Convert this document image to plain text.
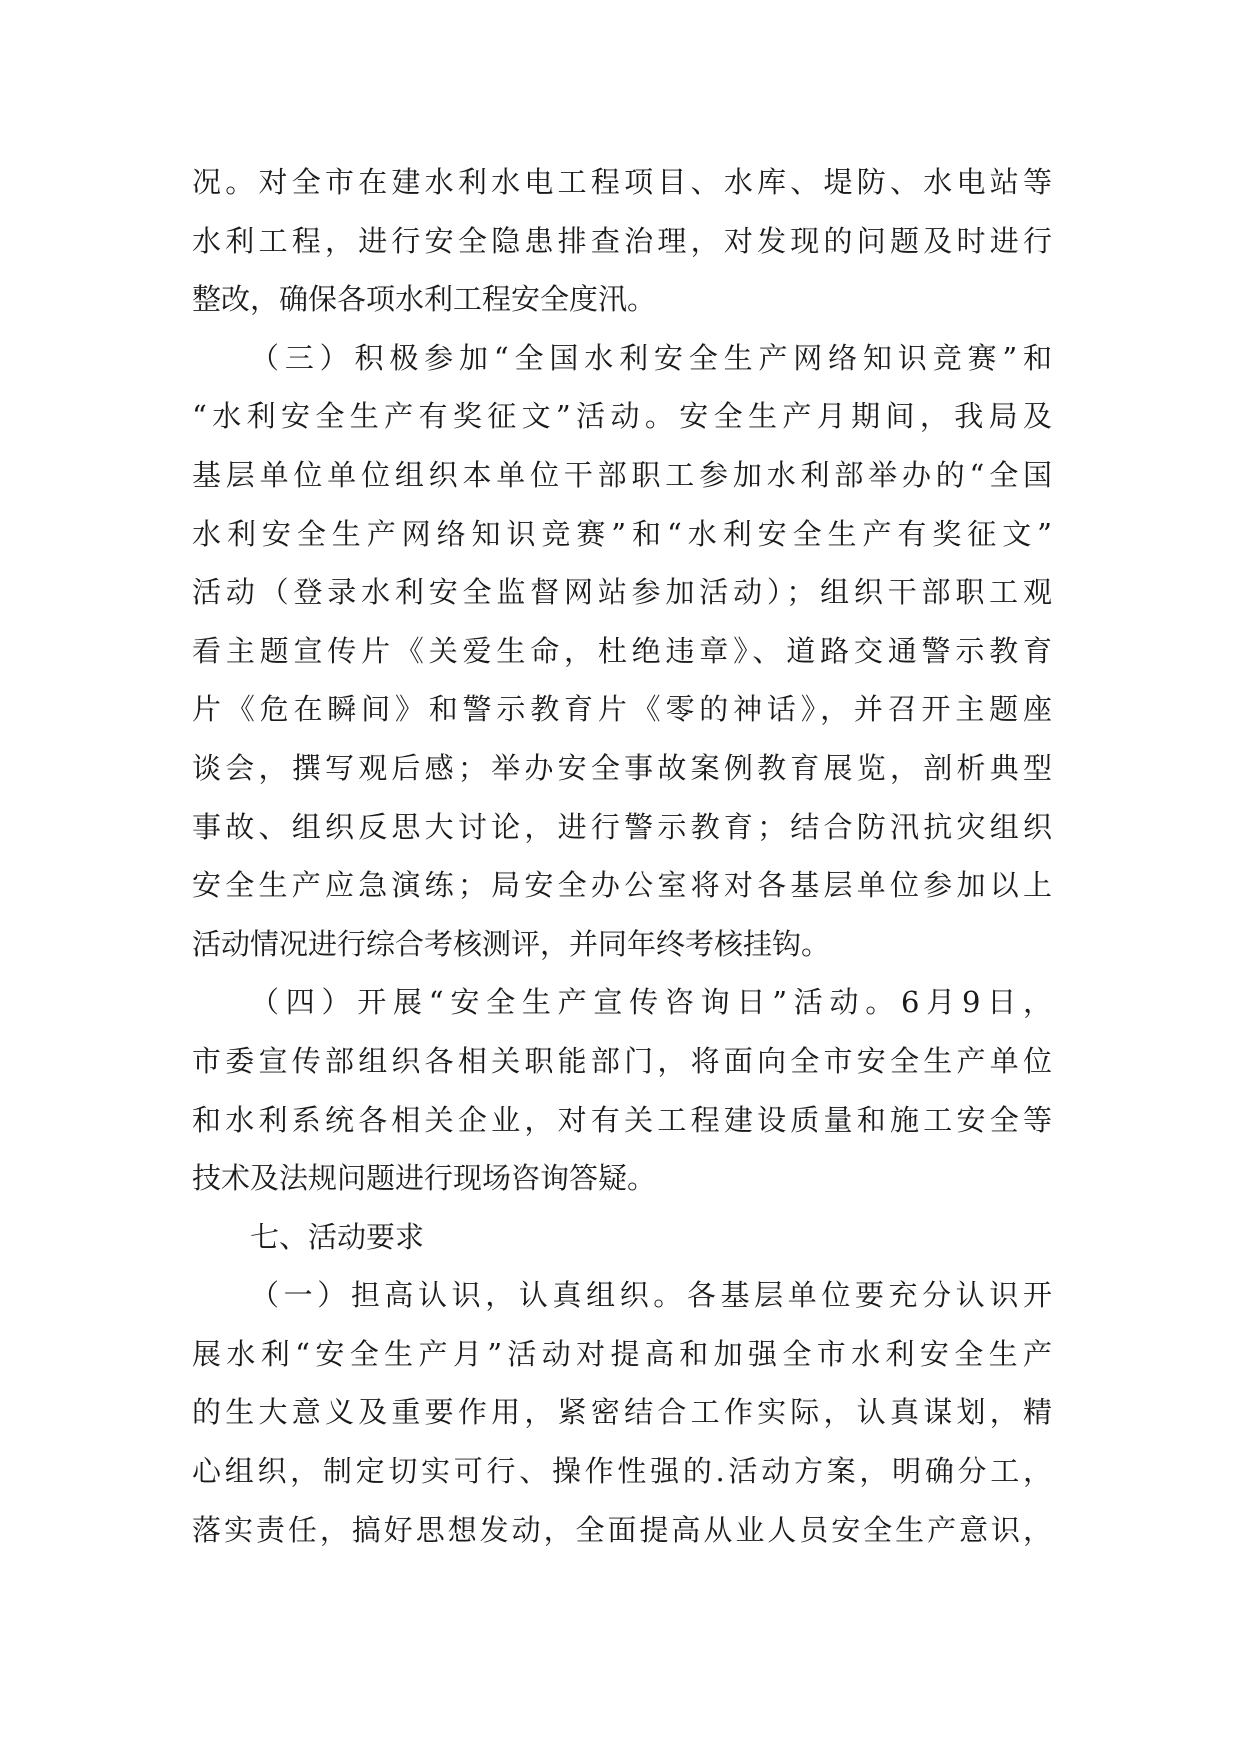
况。对全市在建水利水电工程项目、水库、堤防、水电站等
水利工程，进行安全隐患排查治理，对发现的问题及时进行
整改，确保各项水利工程安全度汛。
（三）积极参加“全国水利安全生产网络知识竞赛”和
“水利安全生产有奖征文”活动。安全生产月期间，我局及
基层单位单位组织本单位干部职工参加水利部举办的“全国
水利安全生产网络知识竞赛”和“水利安全生产有奖征文”
活动（登录水利安全监督网站参加活动）；组织干部职工观
看主题宣传片《关爱生命，杜绝违章》、道路交通警示教育
片《危在瞬间》和警示教育片《零的神话》，并召开主题座
谈会，撰写观后感；举办安全事故案例教育展览，剖析典型
事故、组织反思大讨论，进行警示教育；结合防汛抗灾组织
安全生产应急演练；局安全办公室将对各基层单位参加以上
活动情况进行综合考核测评，并同年终考核挂钩。
（四）开展“安全生产宣传咨询日”活动。6月9日，
市委宣传部组织各相关职能部门，将面向全市安全生产单位
和水利系统各相关企业，对有关工程建设质量和施工安全等
技术及法规问题进行现场咨询答疑。
七、活动要求
（一）担高认识，认真组织。各基层单位要充分认识开
展水利“安全生产月”活动对提高和加强全市水利安全生产
的生大意义及重要作用，紧密结合工作实际，认真谋划，精
心组织，制定切实可行、操作性强的.活动方案，明确分工，
落实责任，搞好思想发动，全面提高从业人员安全生产意识，
